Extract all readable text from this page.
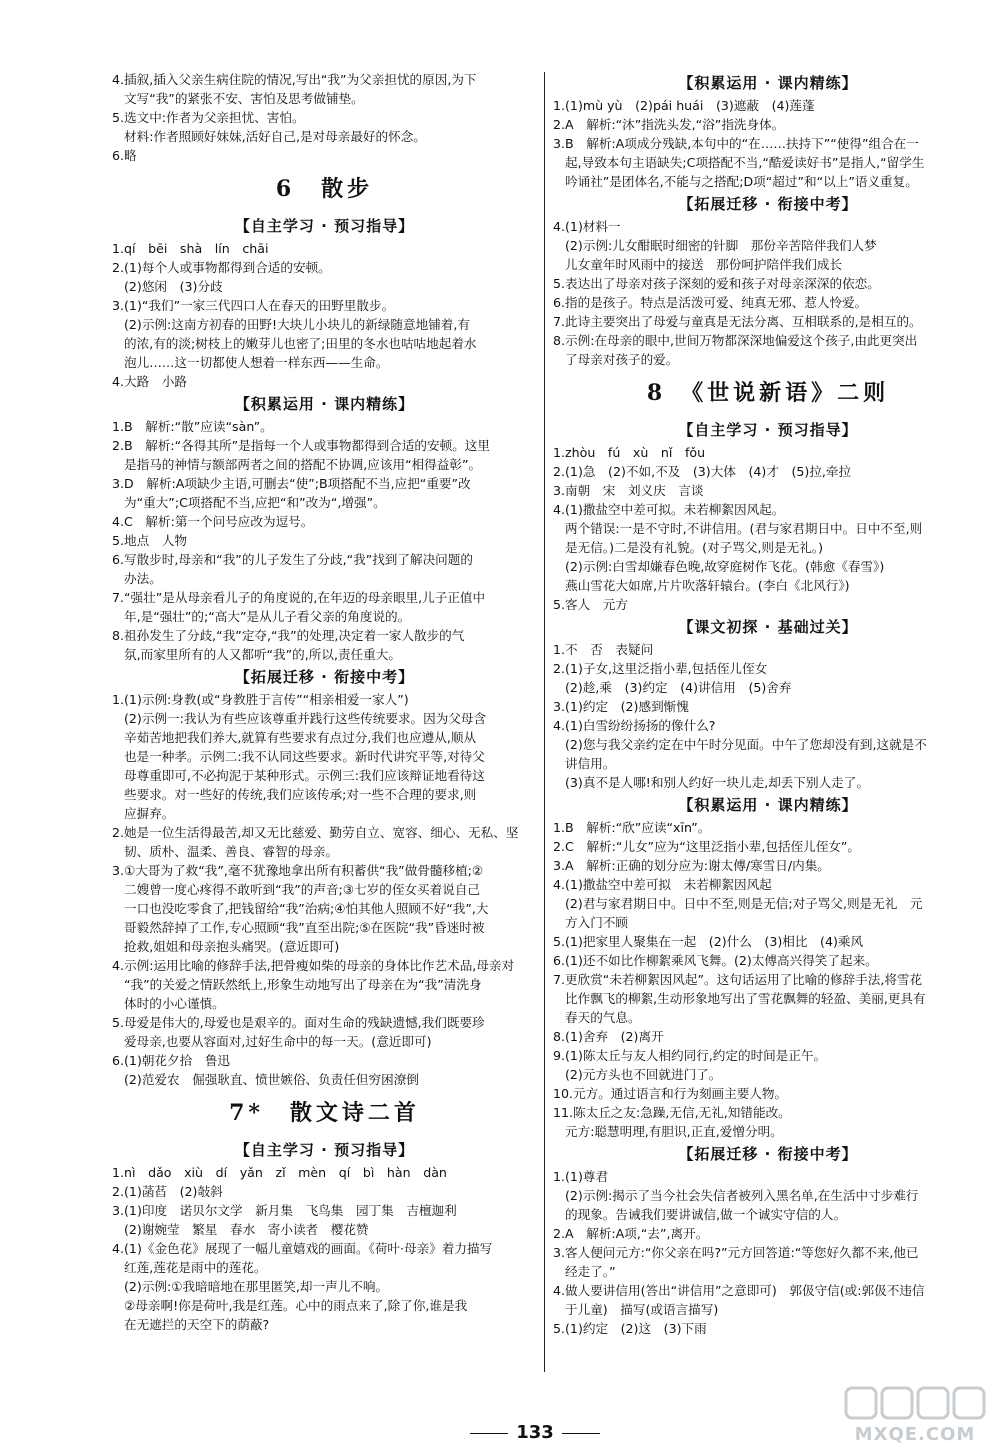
4.插叙,插入父亲生病住院的情况,写出“我”为父亲担忧的原因,为下
文写“我”的紧张不安、害怕及思考做铺垫。
5.选文中:作者为父亲担忧、害怕。
材料:作者照顾好妹妹,活好自己,是对母亲最好的怀念。
6.略
6　散步
【自主学习 · 预习指导】
1.qí　bēi　shà　lín　chāi
2.(1)每个人或事物都得到合适的安顿。
(2)悠闲　(3)分歧
3.(1)“我们”一家三代四口人在春天的田野里散步。
(2)示例:这南方初春的田野!大块儿小块儿的新绿随意地铺着,有
的浓,有的淡;树枝上的嫩芽儿也密了;田里的冬水也咕咕地起着水
泡儿……这一切都使人想着一样东西——生命。
4.大路　小路
【积累运用 · 课内精练】
1.B　解析:“散”应读“sàn”。
2.B　解析:“各得其所”是指每一个人或事物都得到合适的安顿。这里
是指马的神情与额部两者之间的搭配不协调,应该用“相得益彰”。
3.D　解析:A项缺少主语,可删去“使”;B项搭配不当,应把“重要”改
为“重大”;C项搭配不当,应把“和”改为“,增强”。
4.C　解析:第一个问号应改为逗号。
5.地点　人物
6.写散步时,母亲和“我”的儿子发生了分歧,“我”找到了解决问题的
办法。
7.“强壮”是从母亲看儿子的角度说的,在年迈的母亲眼里,儿子正值中
年,是“强壮”的;“高大”是从儿子看父亲的角度说的。
8.祖孙发生了分歧,“我”定夺,“我”的处理,决定着一家人散步的气
氛,而家里所有的人又都听“我”的,所以,责任重大。
【拓展迁移 · 衔接中考】
1.(1)示例:身教(或“身教胜于言传”“相亲相爱一家人”)
(2)示例一:我认为有些应该尊重并践行这些传统要求。因为父母含
辛茹苦地把我们养大,就算有些要求有点过分,我们也应遵从,顺从
也是一种孝。示例二:我不认同这些要求。新时代讲究平等,对待父
母尊重即可,不必拘泥于某种形式。示例三:我们应该辩证地看待这
些要求。对一些好的传统,我们应该传承;对一些不合理的要求,则
应摒弃。
2.她是一位生活得最苦,却又无比慈爱、勤劳自立、宽容、细心、无私、坚
韧、质朴、温柔、善良、睿智的母亲。
3.①大哥为了救“我”,毫不犹豫地拿出所有积蓄供“我”做骨髓移植;②
二嫂曾一度心疼得不敢听到“我”的声音;③七岁的侄女买着说自己
一口也没吃零食了,把钱留给“我”治病;④怕其他人照顾不好“我”,大
哥毅然辞掉了工作,专心照顾“我”直至出院;⑤在医院“我”昏迷时被
抢救,姐姐和母亲抱头痛哭。(意近即可)
4.示例:运用比喻的修辞手法,把骨瘦如柴的母亲的身体比作艺术品,母亲对
“我”的关爱之情跃然纸上,形象生动地写出了母亲在为“我”清洗身
体时的小心谨慎。
5.母爱是伟大的,母爱也是艰辛的。面对生命的残缺遗憾,我们既要珍
爱母亲,也要从容面对,过好生命中的每一天。(意近即可)
6.(1)朝花夕拾　鲁迅
(2)范爱农　倔强耿直、愤世嫉俗、负责任但穷困潦倒
7*　散文诗二首
【自主学习 · 预习指导】
1.nì　dǎo　xiù　dí　yǎn　zǐ　mèn　qí　bì　hàn　dàn
2.(1)菡萏　(2)敧斜
3.(1)印度　诺贝尔文学　新月集　飞鸟集　园丁集　吉檀迦利
(2)谢婉莹　繁星　春水　寄小读者　樱花赞
4.(1)《金色花》展现了一幅儿童嬉戏的画面。《荷叶·母亲》着力描写
红莲,莲花是雨中的莲花。
(2)示例:①我暗暗地在那里匿笑,却一声儿不响。
②母亲啊!你是荷叶,我是红莲。心中的雨点来了,除了你,谁是我
在无遮拦的天空下的荫蔽?
【积累运用 · 课内精练】
1.(1)mù yù　(2)pái huái　(3)遮蔽　(4)莲蓬
2.A　解析:“沐”指洗头发,“浴”指洗身体。
3.B　解析:A项成分残缺,本句中的“在……扶持下”“使得”组合在一
起,导致本句主语缺失;C项搭配不当,“酷爱读好书”是指人,“留学生
吟诵社”是团体名,不能与之搭配;D项“超过”和“以上”语义重复。
【拓展迁移 · 衔接中考】
4.(1)材料一
(2)示例:儿女酣眠时细密的针脚　那份辛苦陪伴我们人梦
儿女童年时风雨中的接送　那份呵护陪伴我们成长
5.表达出了母亲对孩子深刻的爱和孩子对母亲深深的依恋。
6.指的是孩子。特点是活泼可爱、纯真无邪、惹人怜爱。
7.此诗主要突出了母爱与童真是无法分离、互相联系的,是相互的。
8.示例:在母亲的眼中,世间万物都深深地偏爱这个孩子,由此更突出
了母亲对孩子的爱。
8　《世说新语》二则
【自主学习 · 预习指导】
1.zhòu　fú　xù　nǐ　fǒu
2.(1)急　(2)不如,不及　(3)大体　(4)才　(5)拉,牵拉
3.南朝　宋　刘义庆　言谈
4.(1)撒盐空中差可拟。未若柳絮因风起。
两个错误:一是不守时,不讲信用。(君与家君期日中。日中不至,则
是无信。)二是没有礼貌。(对子骂父,则是无礼。)
(2)示例:白雪却嫌春色晚,故穿庭树作飞花。(韩愈《春雪》)
燕山雪花大如席,片片吹落轩辕台。(李白《北风行》)
5.客人　元方
【课文初探 · 基础过关】
1.不　否　表疑问
2.(1)子女,这里泛指小辈,包括侄儿侄女
(2)趁,乘　(3)约定　(4)讲信用　(5)舍弃
3.(1)约定　(2)感到惭愧
4.(1)白雪纷纷扬扬的像什么?
(2)您与我父亲约定在中午时分见面。中午了您却没有到,这就是不
讲信用。
(3)真不是人哪!和别人约好一块儿走,却丢下别人走了。
【积累运用 · 课内精练】
1.B　解析:“欣”应读“xīn”。
2.C　解析:“儿女”应为“这里泛指小辈,包括侄儿侄女”。
3.A　解析:正确的划分应为:谢太傅/寒雪日/内集。
4.(1)撒盐空中差可拟　未若柳絮因风起
(2)君与家君期日中。日中不至,则是无信;对子骂父,则是无礼　元
方入门不顾
5.(1)把家里人聚集在一起　(2)什么　(3)相比　(4)乘风
6.(1)还不如比作柳絮乘风飞舞。(2)太傅高兴得笑了起来。
7.更欣赏“未若柳絮因风起”。这句话运用了比喻的修辞手法,将雪花
比作飘飞的柳絮,生动形象地写出了雪花飘舞的轻盈、美丽,更具有
春天的气息。
8.(1)舍弃　(2)离开
9.(1)陈太丘与友人相约同行,约定的时间是正午。
(2)元方头也不回就进门了。
10.元方。通过语言和行为刻画主要人物。
11.陈太丘之友:急躁,无信,无礼,知错能改。
元方:聪慧明理,有胆识,正直,爱憎分明。
【拓展迁移 · 衔接中考】
1.(1)尊君
(2)示例:揭示了当今社会失信者被列入黑名单,在生活中寸步难行
的现象。告诫我们要讲诚信,做一个诚实守信的人。
2.A　解析:A项,“去”,离开。
3.客人便问元方:“你父亲在吗?”元方回答道:“等您好久都不来,他已
经走了。”
4.做人要讲信用(答出“讲信用”之意即可)　郭伋守信(或:郭伋不违信
于儿童)　描写(或语言描写)
5.(1)约定　(2)这　(3)下雨
133	MXQE.COM
